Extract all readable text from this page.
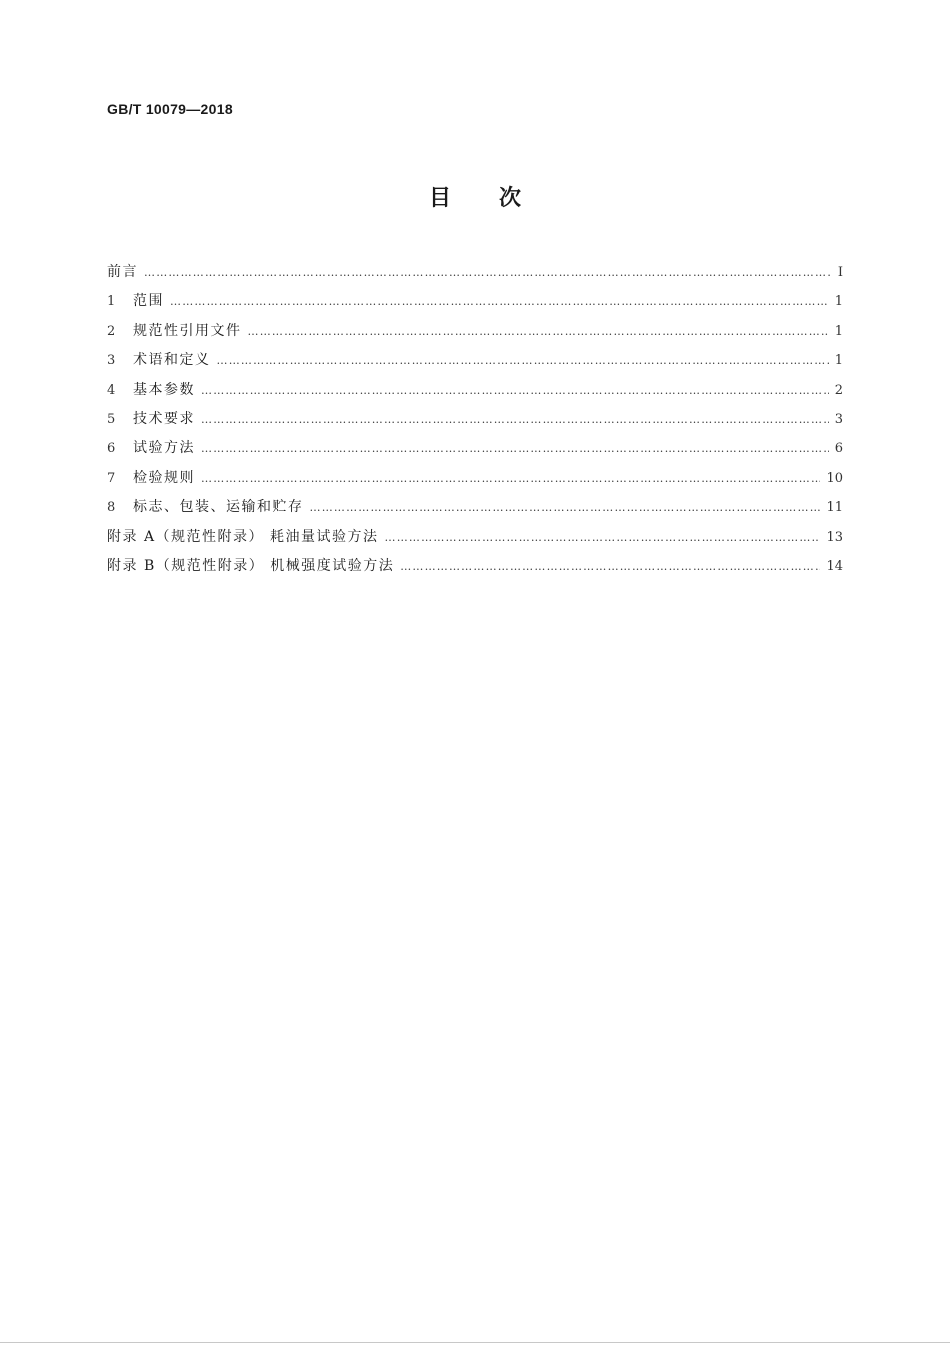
GB/T 10079—2018
目次
前言 …………………………………………………………………………………………………………………………………………………………………………………………………………………………	Ⅰ
1	范围 …………………………………………………………………………………………………………………………………………………………………………………………………………………………	1
2	规范性引用文件 …………………………………………………………………………………………………………………………………………………………………………………………………………………………	1
3	术语和定义 …………………………………………………………………………………………………………………………………………………………………………………………………………………………	1
4	基本参数 …………………………………………………………………………………………………………………………………………………………………………………………………………………………	2
5	技术要求 …………………………………………………………………………………………………………………………………………………………………………………………………………………………	3
6	试验方法 …………………………………………………………………………………………………………………………………………………………………………………………………………………………	6
7	检验规则 …………………………………………………………………………………………………………………………………………………………………………………………………………………………	10
8	标志、包装、运输和贮存 …………………………………………………………………………………………………………………………………………………………………………………………………………………………	11
附录 A（规范性附录） 耗油量试验方法 …………………………………………………………………………………………………………………………………………………………………………………………………………………………	13
附录 B（规范性附录） 机械强度试验方法 …………………………………………………………………………………………………………………………………………………………………………………………………………………………	14
